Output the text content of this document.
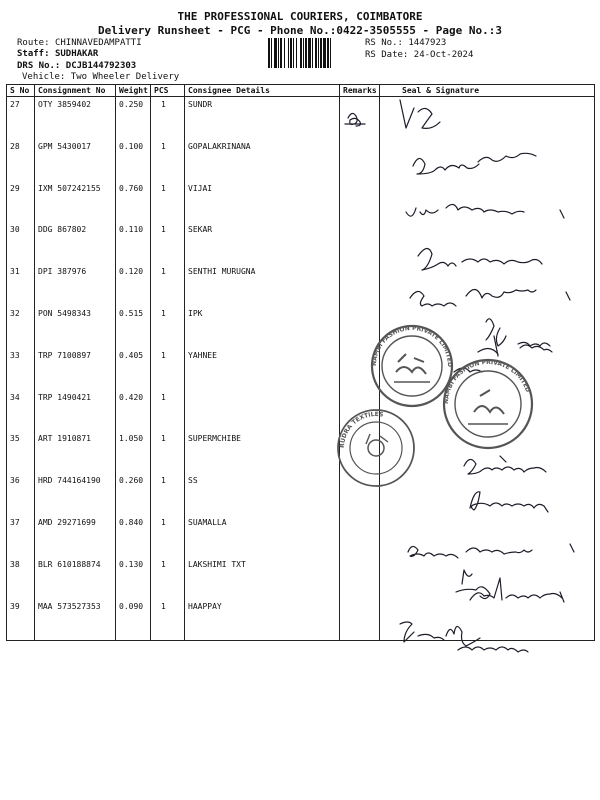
THE PROFESSIONAL COURIERS, COIMBATORE
Delivery Runsheet - PCG - Phone No.:0422-3505555 - Page No.:3
Route: CHINNAVEDAMPATTI
Staff: SUDHAKAR
DRS No.: DCJB144792303
Vehicle: Two Wheeler Delivery
RS No.: 1447923
RS Date: 24-Oct-2024
S No	Consignment No	Weight	PCS	Consignee Details	Remarks	Seal & Signature
27	OTY 3859402	0.250	1	SUNDR		
28	GPM 5430017	0.100	1	GOPALAKRINANA		
29	IXM 507242155	0.760	1	VIJAI		
30	DDG 867802	0.110	1	SEKAR		
31	DPI 387976	0.120	1	SENTHI MURUGNA		
32	PON 5498343	0.515	1	IPK		
33	TRP 7100897	0.405	1	YAHNEE		
34	TRP 1490421	0.420	1			
35	ART 1910871	1.050	1	SUPERMCHIBE		
36	HRD 744164190	0.260	1	SS		
37	AMD 29271699	0.840	1	SUAMALLA		
38	BLR 610188874	0.130	1	LAKSHIMI TXT		
39	MAA 573527353	0.090	1	HAAPPAY		
NAMBI FASHION PRIVATE LIMITED
NAMBI FASHION PRIVATE LIMITED
RUDRA TEXTILES
